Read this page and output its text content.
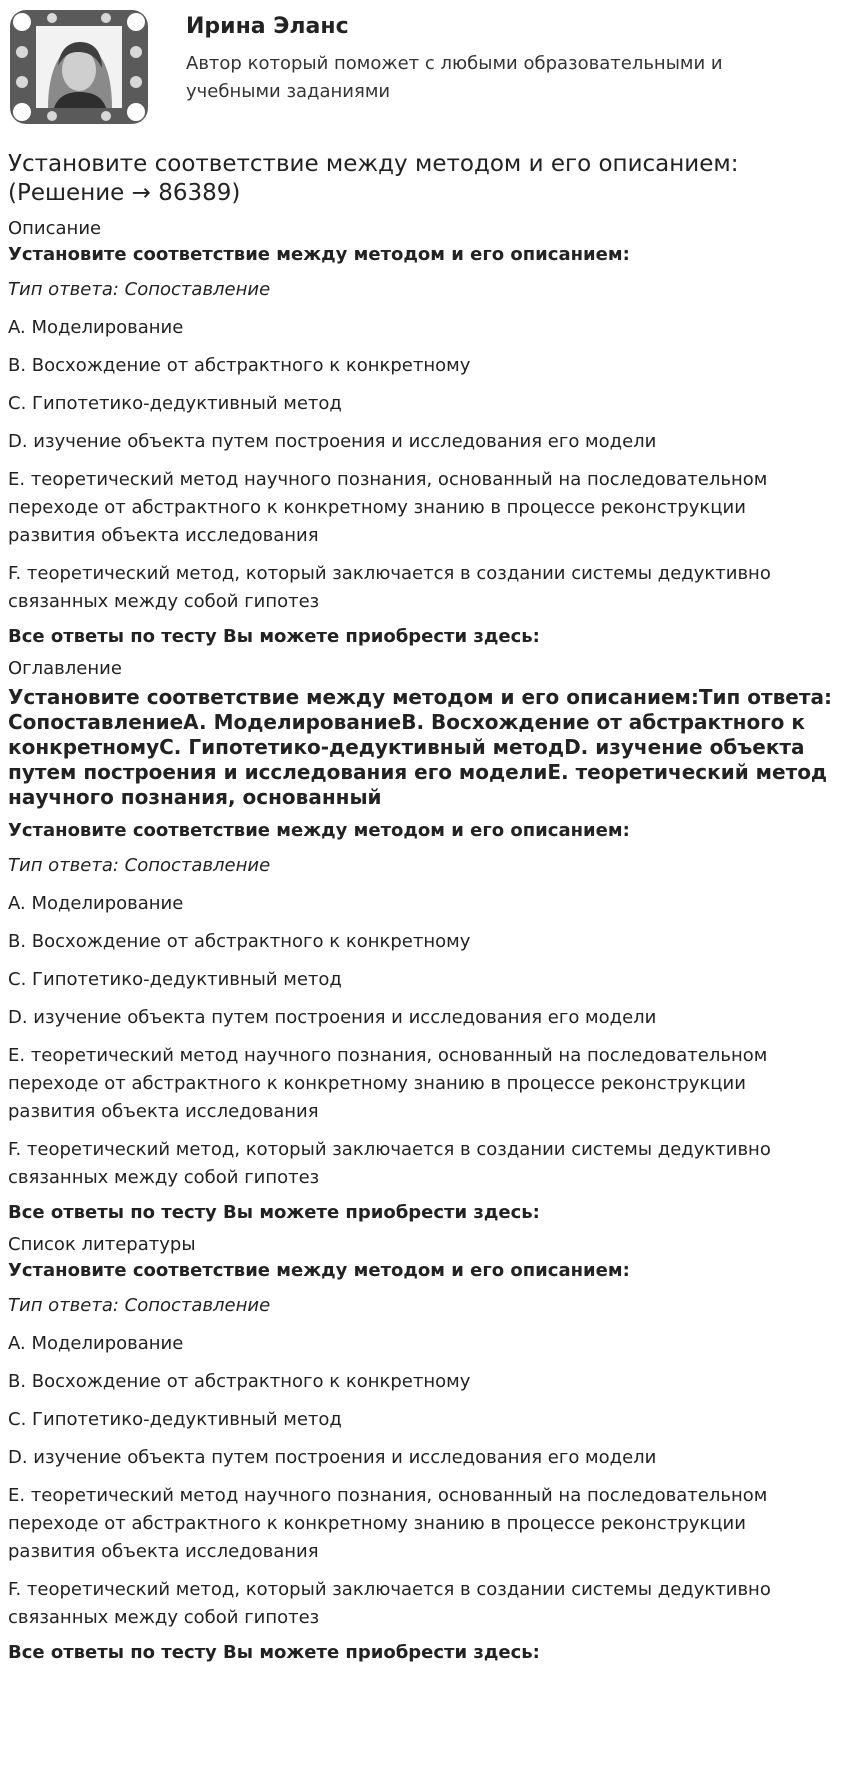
Ирина Эланс
Автор который поможет с любыми образовательными и учебными заданиями
Установите соответствие между методом и его описанием: (Решение → 86389)
Описание

Установите соответствие между методом и его описанием:

Тип ответа: Сопоставление

A. Моделирование

B. Восхождение от абстрактного к конкретному

C. Гипотетико-дедуктивный метод

D. изучение объекта путем построения и исследования его модели

E. теоретический метод научного познания, основанный на последовательном переходе от абстрактного к конкретному знанию в процессе реконструкции развития объекта исследования

F. теоретический метод, который заключается в создании системы дедуктивно связанных между собой гипотез

Все ответы по тесту Вы можете приобрести здесь:

Оглавление
Установите соответствие между методом и его описанием:Тип ответа: СопоставлениеA. МоделированиеB. Восхождение от абстрактного к конкретномуC. Гипотетико-дедуктивный методD. изучение объекта путем построения и исследования его моделиE. теоретический метод научного познания, основанный

Установите соответствие между методом и его описанием:

Тип ответа: Сопоставление

A. Моделирование

B. Восхождение от абстрактного к конкретному

C. Гипотетико-дедуктивный метод

D. изучение объекта путем построения и исследования его модели

E. теоретический метод научного познания, основанный на последовательном переходе от абстрактного к конкретному знанию в процессе реконструкции развития объекта исследования

F. теоретический метод, который заключается в создании системы дедуктивно связанных между собой гипотез

Все ответы по тесту Вы можете приобрести здесь:

Список литературы

Установите соответствие между методом и его описанием:

Тип ответа: Сопоставление

A. Моделирование

B. Восхождение от абстрактного к конкретному

C. Гипотетико-дедуктивный метод

D. изучение объекта путем построения и исследования его модели

E. теоретический метод научного познания, основанный на последовательном переходе от абстрактного к конкретному знанию в процессе реконструкции развития объекта исследования

F. теоретический метод, который заключается в создании системы дедуктивно связанных между собой гипотез

Все ответы по тесту Вы можете приобрести здесь:
